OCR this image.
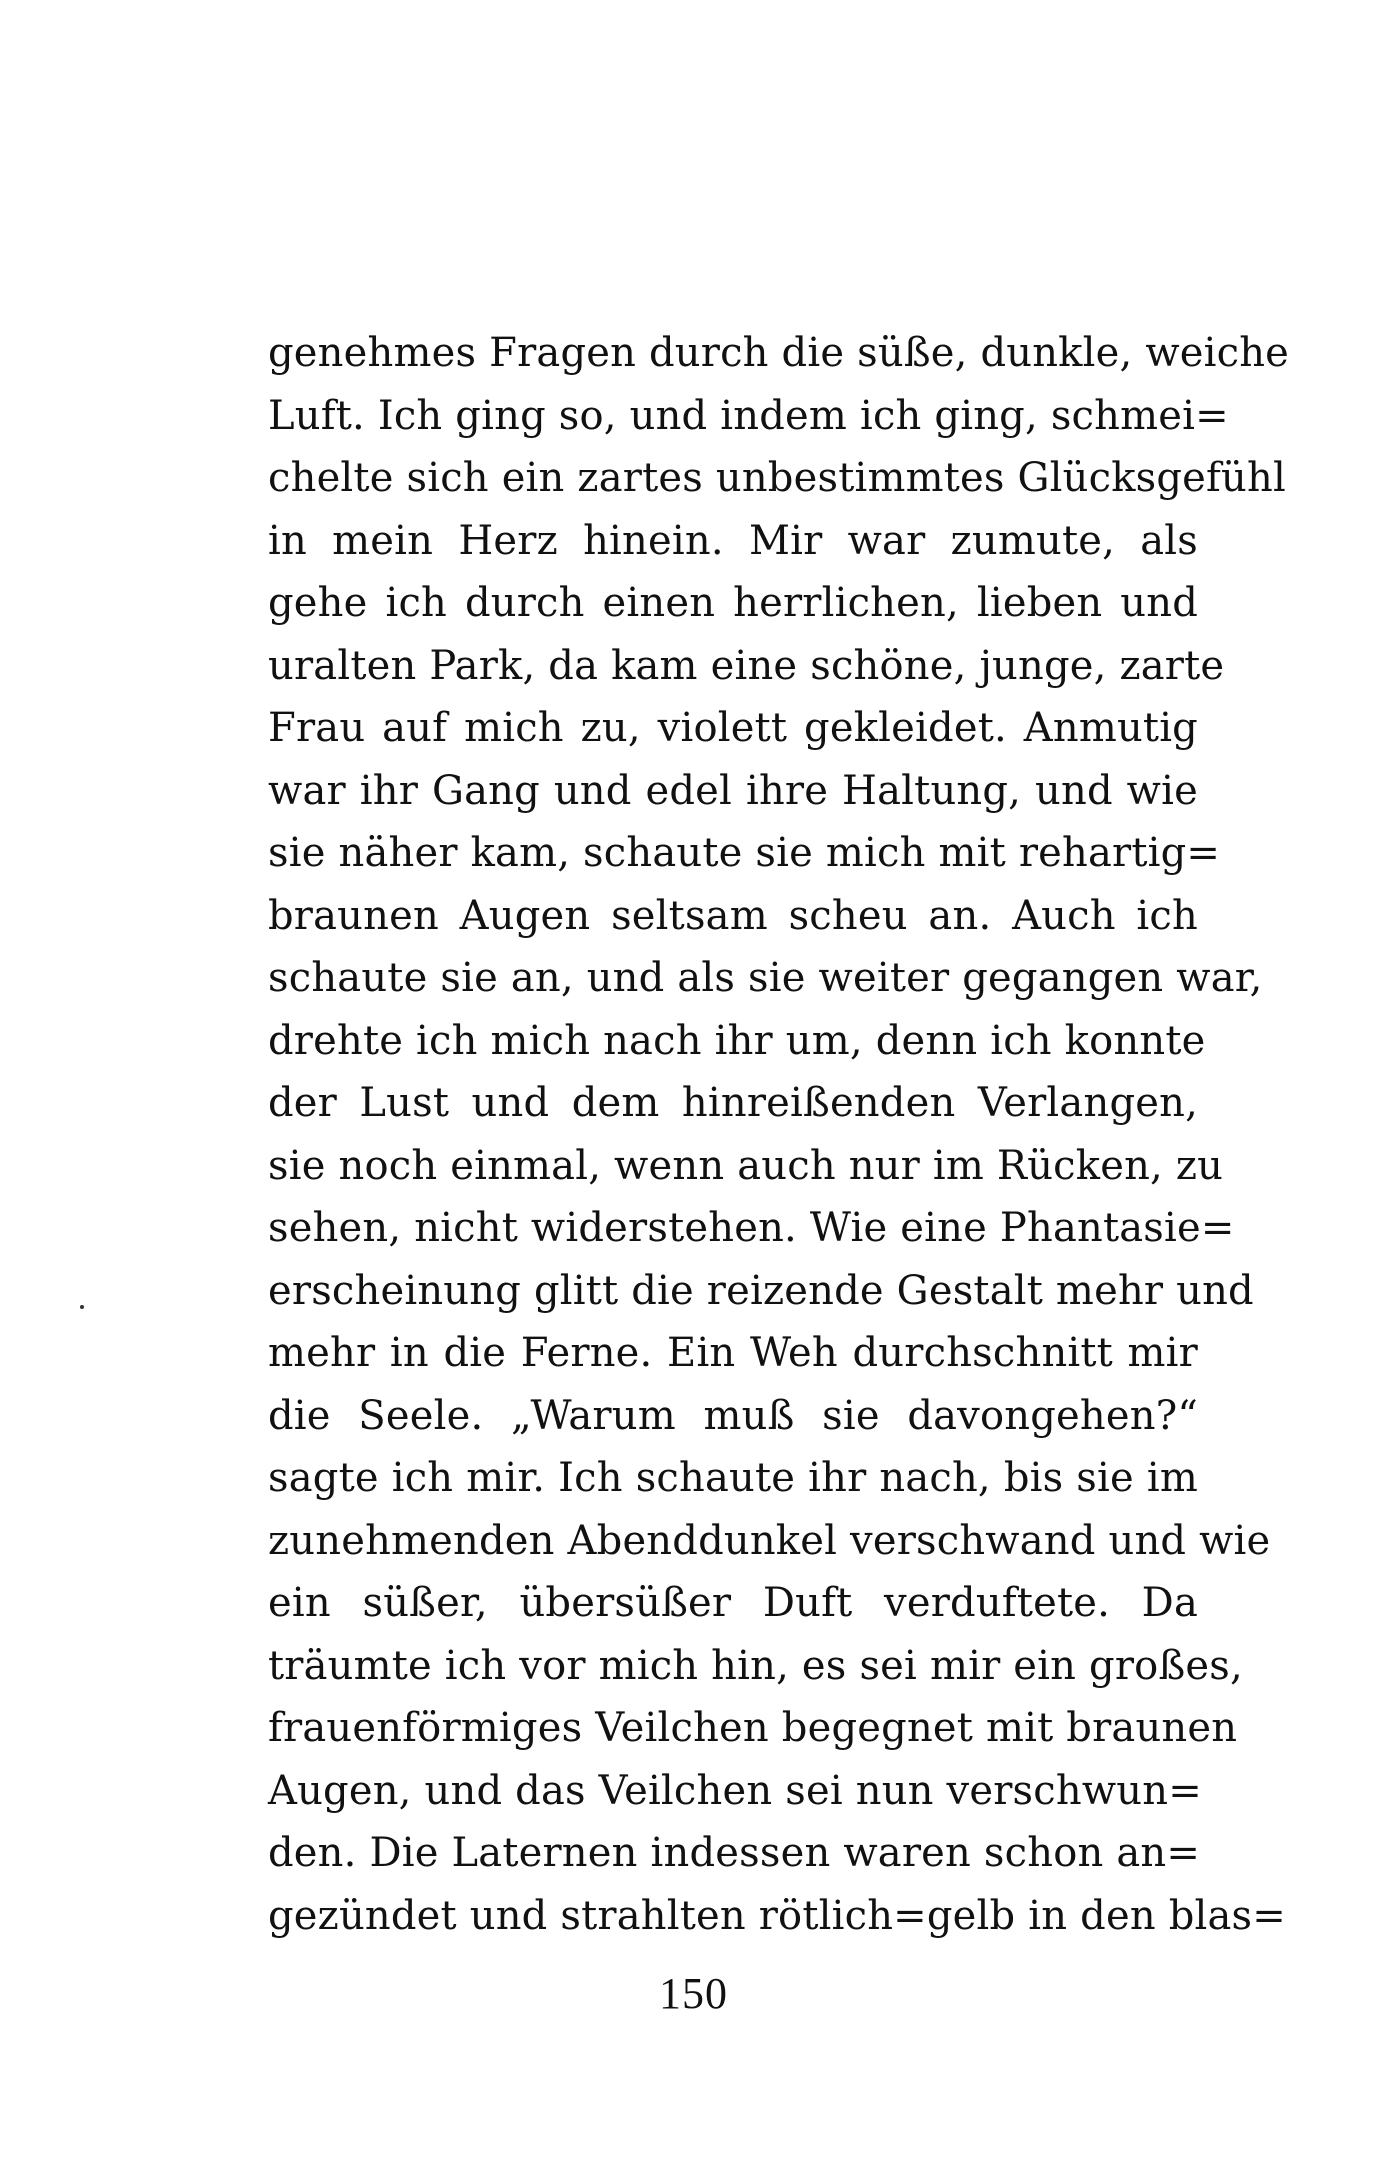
genehmes Fragen durch die süße, dunkle, weiche
Luft. Ich ging so, und indem ich ging, schmei=
chelte sich ein zartes unbestimmtes Glücksgefühl
in mein Herz hinein. Mir war zumute, als
gehe ich durch einen herrlichen, lieben und
uralten Park, da kam eine schöne, junge, zarte
Frau auf mich zu, violett gekleidet. Anmutig
war ihr Gang und edel ihre Haltung, und wie
sie näher kam, schaute sie mich mit rehartig=
braunen Augen seltsam scheu an. Auch ich
schaute sie an, und als sie weiter gegangen war,
drehte ich mich nach ihr um, denn ich konnte
der Lust und dem hinreißenden Verlangen,
sie noch einmal, wenn auch nur im Rücken, zu
sehen, nicht widerstehen. Wie eine Phantasie=
erscheinung glitt die reizende Gestalt mehr und
mehr in die Ferne. Ein Weh durchschnitt mir
die Seele. „Warum muß sie davongehen?“
sagte ich mir. Ich schaute ihr nach, bis sie im
zunehmenden Abenddunkel verschwand und wie
ein süßer, übersüßer Duft verduftete. Da
träumte ich vor mich hin, es sei mir ein großes,
frauenförmiges Veilchen begegnet mit braunen
Augen, und das Veilchen sei nun verschwun=
den. Die Laternen indessen waren schon an=
gezündet und strahlten rötlich=gelb in den blas=
150
